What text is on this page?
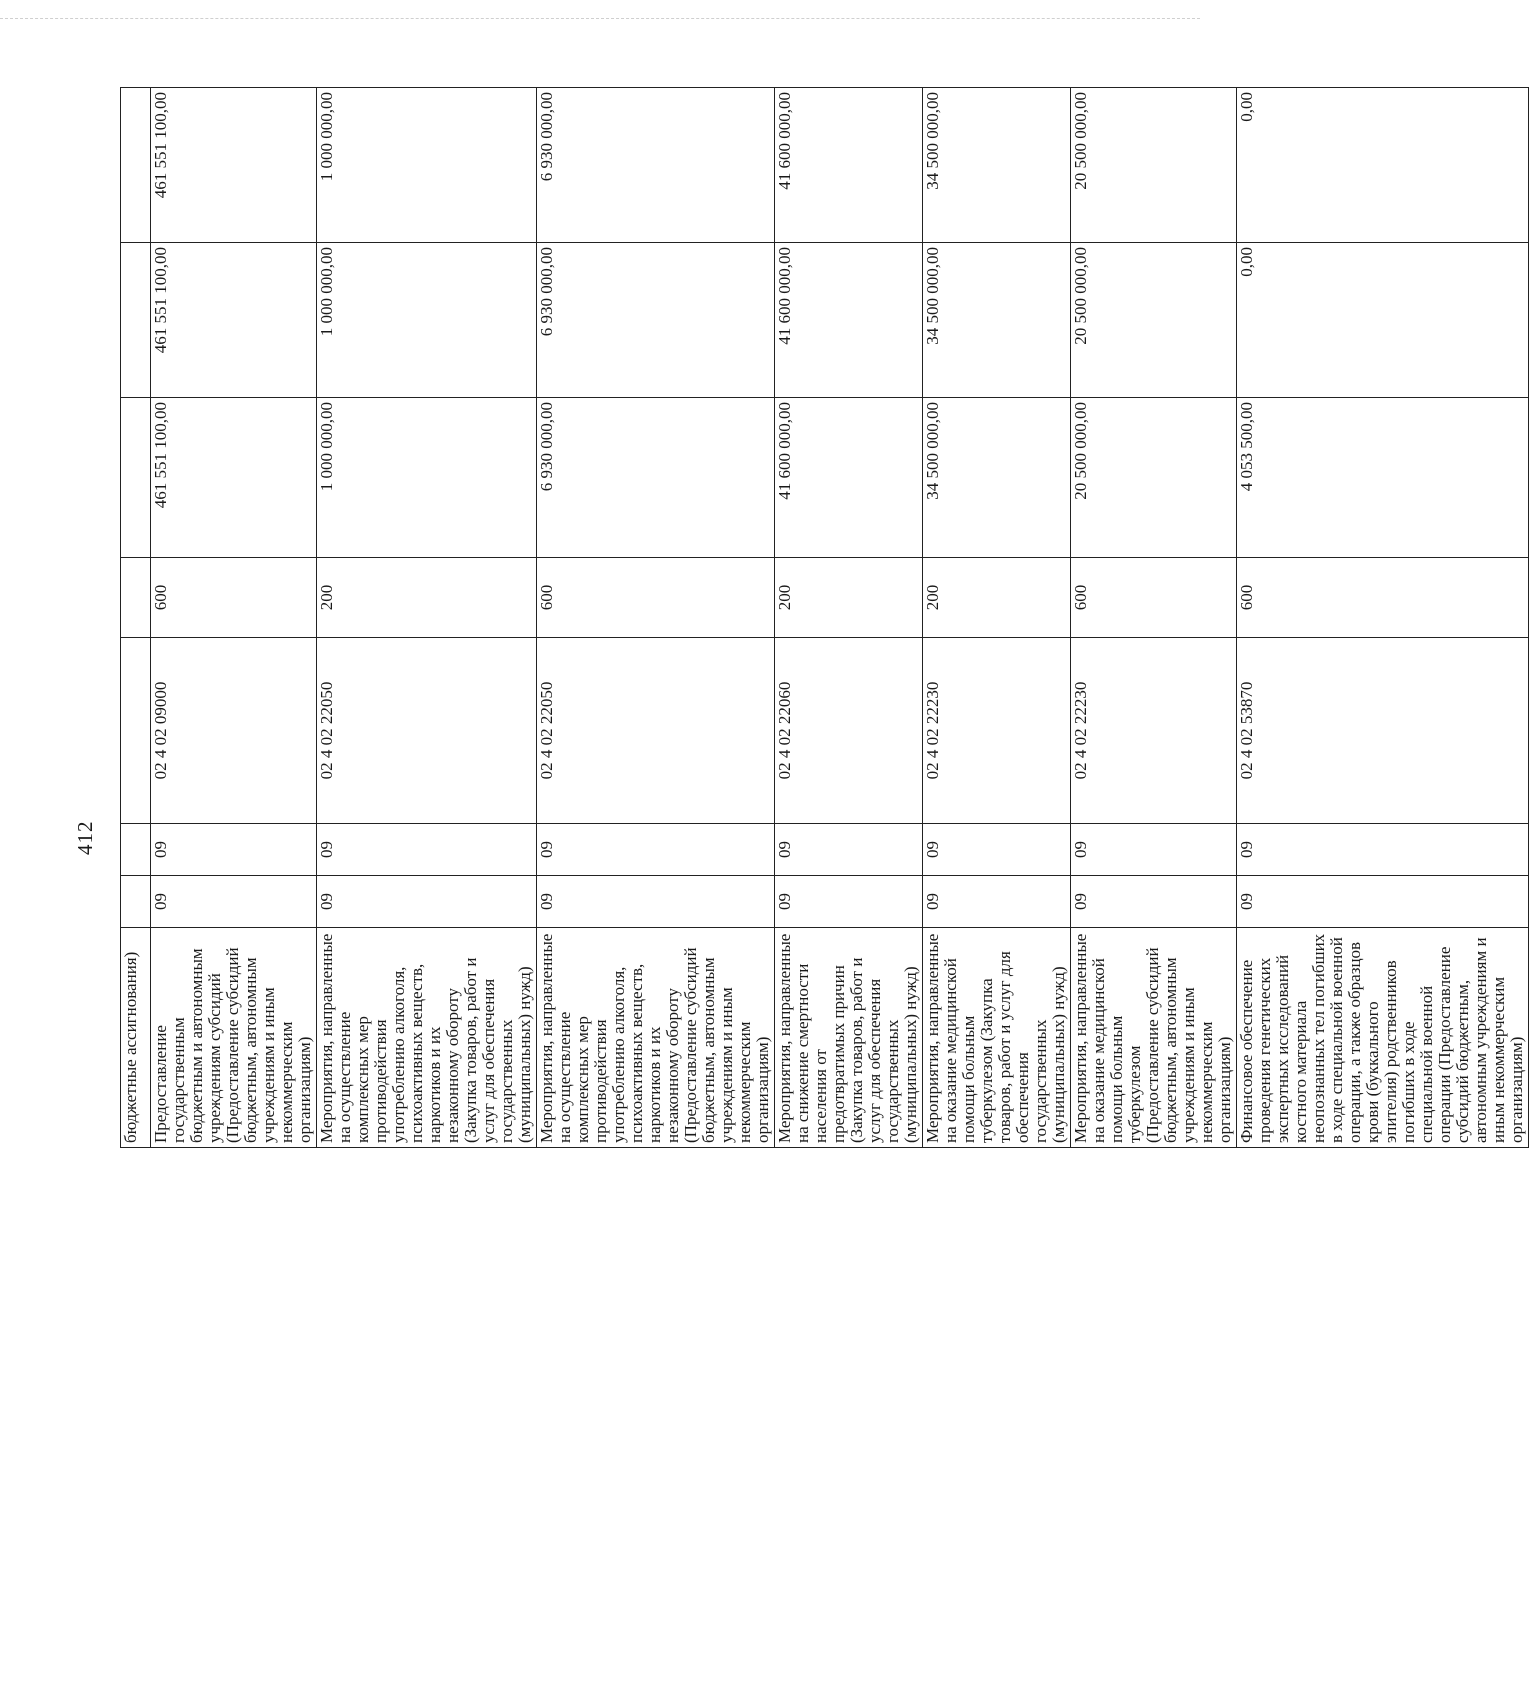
412
бюджетные ассигнования)							
Предоставление государственным бюджетным и автономным учреждениям субсидий (Предоставление субсидий бюджетным, автономным учреждениям и иным некоммерческим организациям)	09	09	02 4 02 09000	600	461 551 100,00	461 551 100,00	461 551 100,00
Мероприятия, направленные на осуществление комплексных мер противодействия употреблению алкоголя, психоактивных веществ, наркотиков и их незаконному обороту (Закупка товаров, работ и услуг для обеспечения государственных (муниципальных) нужд)	09	09	02 4 02 22050	200	1 000 000,00	1 000 000,00	1 000 000,00
Мероприятия, направленные на осуществление комплексных мер противодействия употреблению алкоголя, психоактивных веществ, наркотиков и их незаконному обороту (Предоставление субсидий бюджетным, автономным учреждениям и иным некоммерческим организациям)	09	09	02 4 02 22050	600	6 930 000,00	6 930 000,00	6 930 000,00
Мероприятия, направленные на снижение смертности населения от предотвратимых причин (Закупка товаров, работ и услуг для обеспечения государственных (муниципальных) нужд)	09	09	02 4 02 22060	200	41 600 000,00	41 600 000,00	41 600 000,00
Мероприятия, направленные на оказание медицинской помощи больным туберкулезом (Закупка товаров, работ и услуг для обеспечения государственных (муниципальных) нужд)	09	09	02 4 02 22230	200	34 500 000,00	34 500 000,00	34 500 000,00
Мероприятия, направленные на оказание медицинской помощи больным туберкулезом (Предоставление субсидий бюджетным, автономным учреждениям и иным некоммерческим организациям)	09	09	02 4 02 22230	600	20 500 000,00	20 500 000,00	20 500 000,00
Финансовое обеспечение проведения генетических экспертных исследований костного материала неопознанных тел погибших в ходе специальной военной операции, а также образцов крови (буккального эпителия) родственников погибших в ходе специальной военной операции (Предоставление субсидий бюджетным, автономным учреждениям и иным некоммерческим организациям)	09	09	02 4 02 53870	600	4 053 500,00	0,00	0,00
